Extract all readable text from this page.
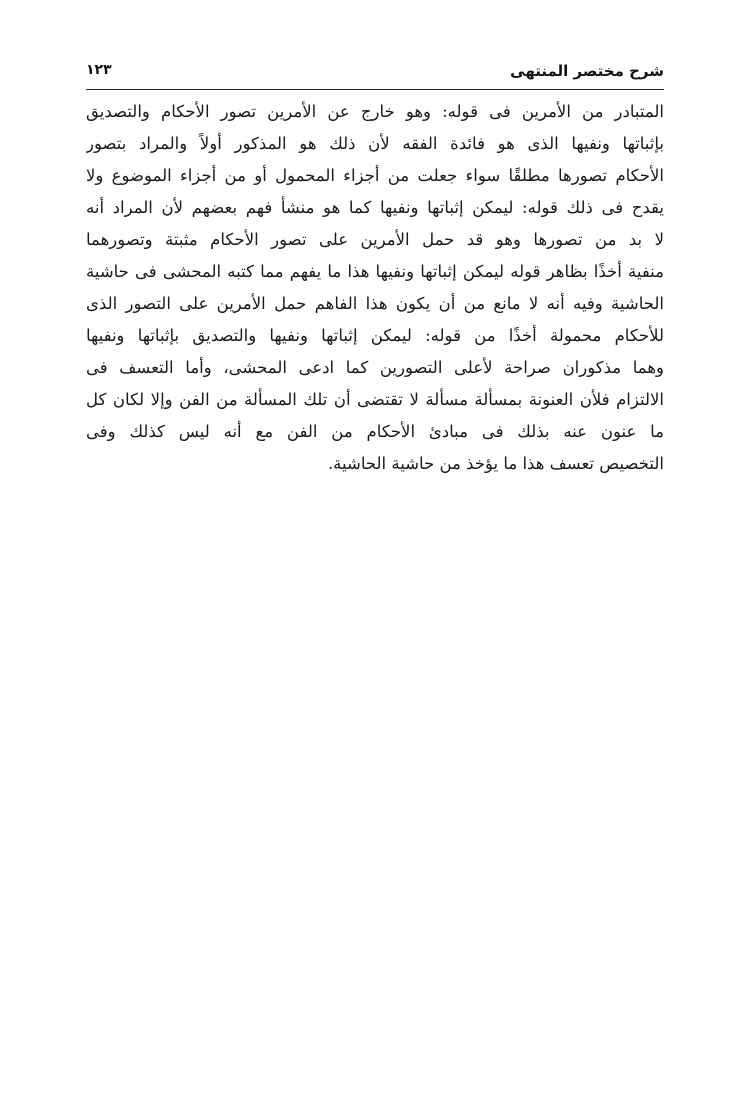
شرح مختصر المنتهى
١٢٣
المتبادر من الأمرين فى قوله: وهو خارج عن الأمرين تصور الأحكام والتصديق
بإثباتها ونفيها الذى هو فائدة الفقه لأن ذلك هو المذكور أولاً والمراد بتصور
الأحكام تصورها مطلقًا سواء جعلت من أجزاء المحمول أو من أجزاء الموضوع ولا
يقدح فى ذلك قوله: ليمكن إثباتها ونفيها كما هو منشأ فهم بعضهم لأن المراد أنه
لا بد من تصورها وهو قد حمل الأمرين على تصور الأحكام مثبتة وتصورهما
منفية أخذًا بظاهر قوله ليمكن إثباتها ونفيها هذا ما يفهم مما كتبه المحشى فى حاشية
الحاشية وفيه أنه لا مانع من أن يكون هذا الفاهم حمل الأمرين على التصور الذى
للأحكام محمولة أخذًا من قوله: ليمكن إثباتها ونفيها والتصديق بإثباتها ونفيها
وهما مذكوران صراحة لأعلى التصورين كما ادعى المحشى، وأما التعسف فى
الالتزام فلأن العنونة بمسألة مسألة لا تقتضى أن تلك المسألة من الفن وإلا لكان كل
ما عنون عنه بذلك فى مبادئ الأحكام من الفن مع أنه ليس كذلك وفى
التخصيص تعسف هذا ما يؤخذ من حاشية الحاشية.
